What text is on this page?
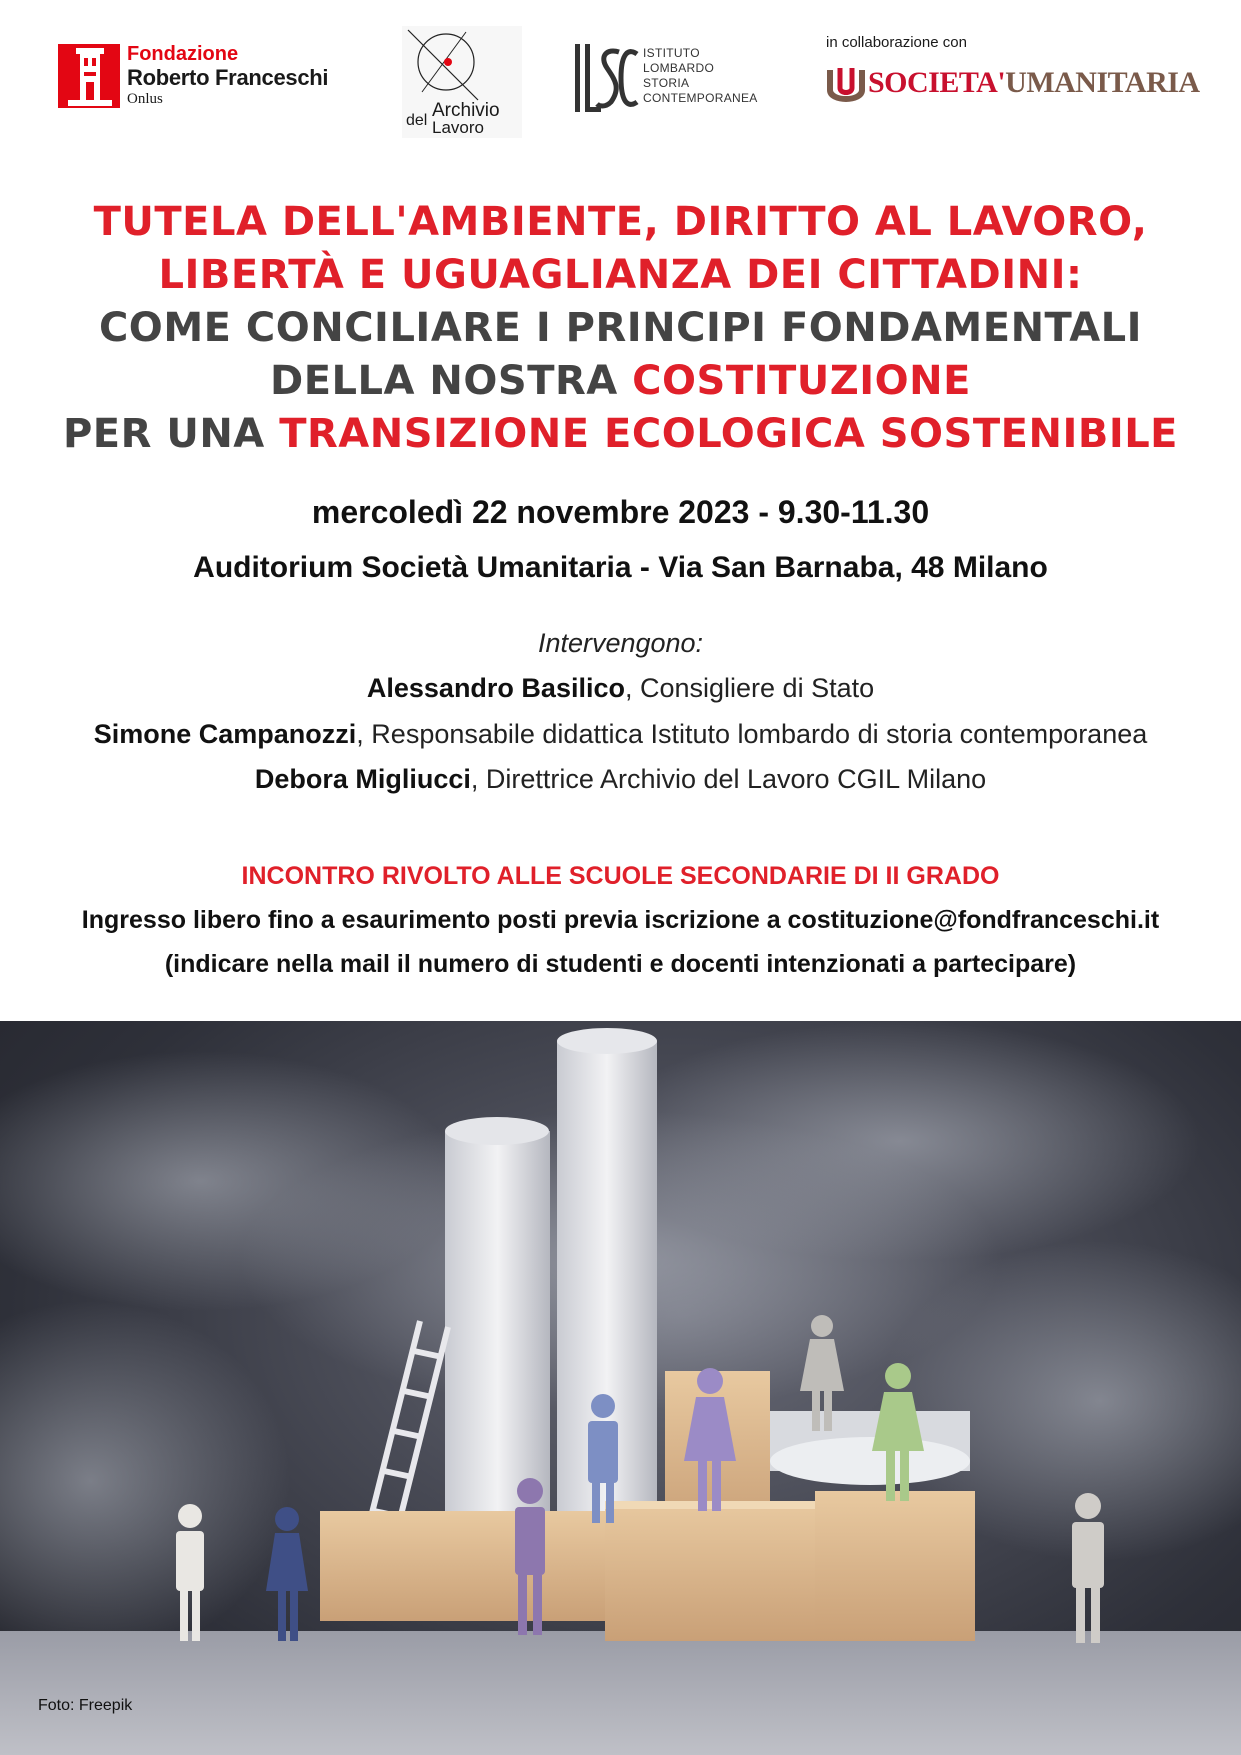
Fondazione
Roberto Franceschi
Onlus
del Archivio
Lavoro
ISTITUTO
LOMBARDO
STORIA
CONTEMPORANEA
in collaborazione con
SOCIETA'UMANITARIA
TUTELA DELL'AMBIENTE, DIRITTO AL LAVORO,
LIBERTÀ E UGUAGLIANZA DEI CITTADINI:
COME CONCILIARE I PRINCIPI FONDAMENTALI
DELLA NOSTRA COSTITUZIONE
PER UNA TRANSIZIONE ECOLOGICA SOSTENIBILE
mercoledì 22 novembre 2023 - 9.30-11.30
Auditorium Società Umanitaria - Via San Barnaba, 48 Milano
Intervengono:
Alessandro Basilico, Consigliere di Stato
Simone Campanozzi, Responsabile didattica Istituto lombardo di storia contemporanea
Debora Migliucci, Direttrice Archivio del Lavoro CGIL Milano
INCONTRO RIVOLTO ALLE SCUOLE SECONDARIE DI II GRADO
Ingresso libero fino a esaurimento posti previa iscrizione a costituzione@fondfranceschi.it
(indicare nella mail il numero di studenti e docenti intenzionati a partecipare)
Foto: Freepik
